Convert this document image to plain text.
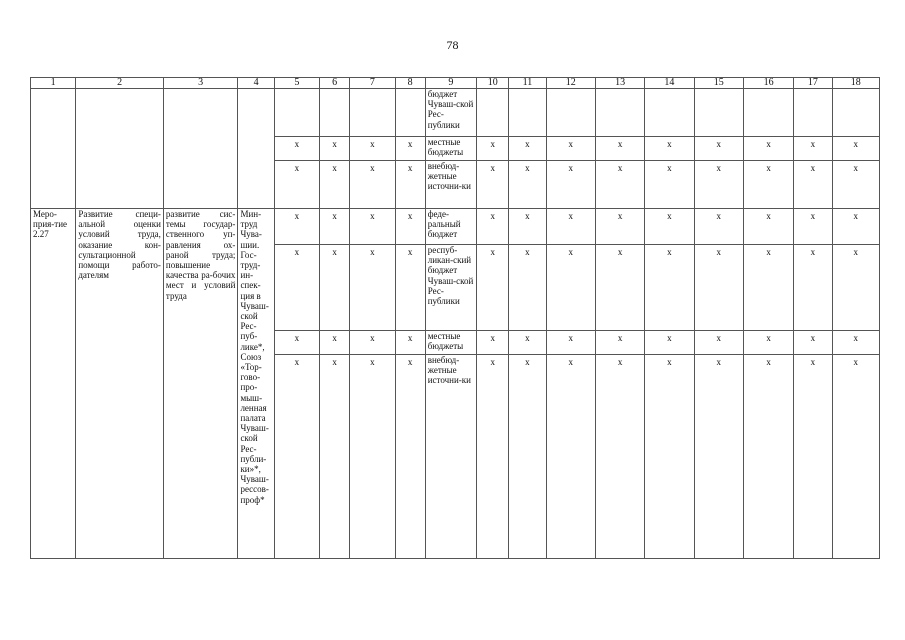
78
1	2	3	4	5	6	7	8	9	10	11	12	13	14	15	16	17	18
								бюджет Чуваш-ской Рес-публики									
				х	х	х	х	местные бюджеты	х	х	х	х	х	х	х	х	х
				х	х	х	х	внебюд-жетные источни-ки	х	х	х	х	х	х	х	х	х
Меро-прия-тие 2.27	Развитие специ-альной оценки условий труда, оказание кон-сультационной помощи работо-дателям	развитие сис-темы государ-ственного уп-равления ох-раной труда; повышение качества ра-бочих мест и условий труда	Мин-труд Чува-шии. Гос-труд-ин-спек-ция в Чуваш-ской Рес-пуб-лике*, Союз «Тор-гово-про-мыш-ленная палата Чуваш-ской Рес-публи-ки»*, Чуваш-рессов-проф*	х	х	х	х	феде-ральный бюджет	х	х	х	х	х	х	х	х	х
				х	х	х	х	респуб-ликан-ский бюджет Чуваш-ской Рес-публики	х	х	х	х	х	х	х	х	х
				х	х	х	х	местные бюджеты	х	х	х	х	х	х	х	х	х
				х	х	х	х	внебюд-жетные источни-ки	х	х	х	х	х	х	х	х	х
